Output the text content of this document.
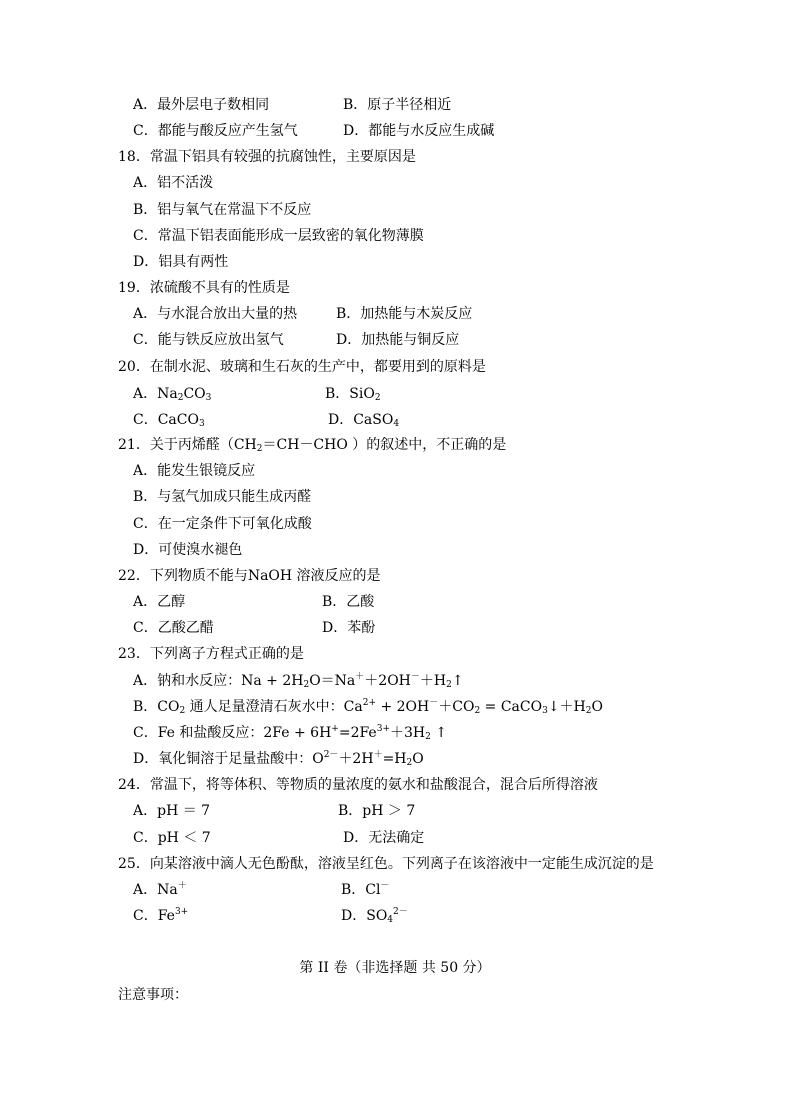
A．最外层电子数相同	B．原子半径相近
C．都能与酸反应产生氢气	D．都能与水反应生成碱
18．常温下铝具有较强的抗腐蚀性，主要原因是
A．铝不活泼
B．铝与氧气在常温下不反应
C．常温下铝表面能形成一层致密的氧化物薄膜
D．铝具有两性
19．浓硫酸不具有的性质是
A．与水混合放出大量的热	B．加热能与木炭反应
C．能与铁反应放出氢气	D．加热能与铜反应
20．在制水泥、玻璃和生石灰的生产中，都要用到的原料是
A．$Na_2CO_3$	B．SiO$_2$
C．CaCO$_3$	D．CaSO$_4$
21．关于丙烯醛（$CH_2=CH-CHO$ ）的叙述中，不正确的是
A．能发生银镜反应
B．与氢气加成只能生成丙醛
C．在一定条件下可氧化成酸
D．可使溴水褪色
22．下列物质不能与NaOH 溶液反应的是
A．乙醇	B．乙酸
C．乙酸乙醋	D．苯酚
23．下列离子方程式正确的是
A．钠和水反应：$Na + 2H_2O=Na^++2OH^-+H_2↑$
B．$CO_2$ 通人足量澄清石灰水中：$Ca^{2+} + 2OH^-+CO_2$ = $CaCO_3↓+H_2O$
C．Fe 和盐酸反应：$2Fe + 6H^+=2Fe^{3+}+3H_2$ ↑
D．氧化铜溶于足量盐酸中：$O^{2-}+2H^+=H_2O$
24．常温下，将等体积、等物质的量浓度的氨水和盐酸混合，混合后所得溶液
A．pH ＝ 7	B．pH ＞ 7
C．pH ＜ 7	D．无法确定
25．向某溶液中滴人无色酚酞，溶液呈红色。下列离子在该溶液中一定能生成沉淀的是
A．Na＋	B．Cl－
C．$Fe^{3+}$	D．$SO_4^{2-}$
第 II 卷（非选择题 共 50 分）
注意事项：
